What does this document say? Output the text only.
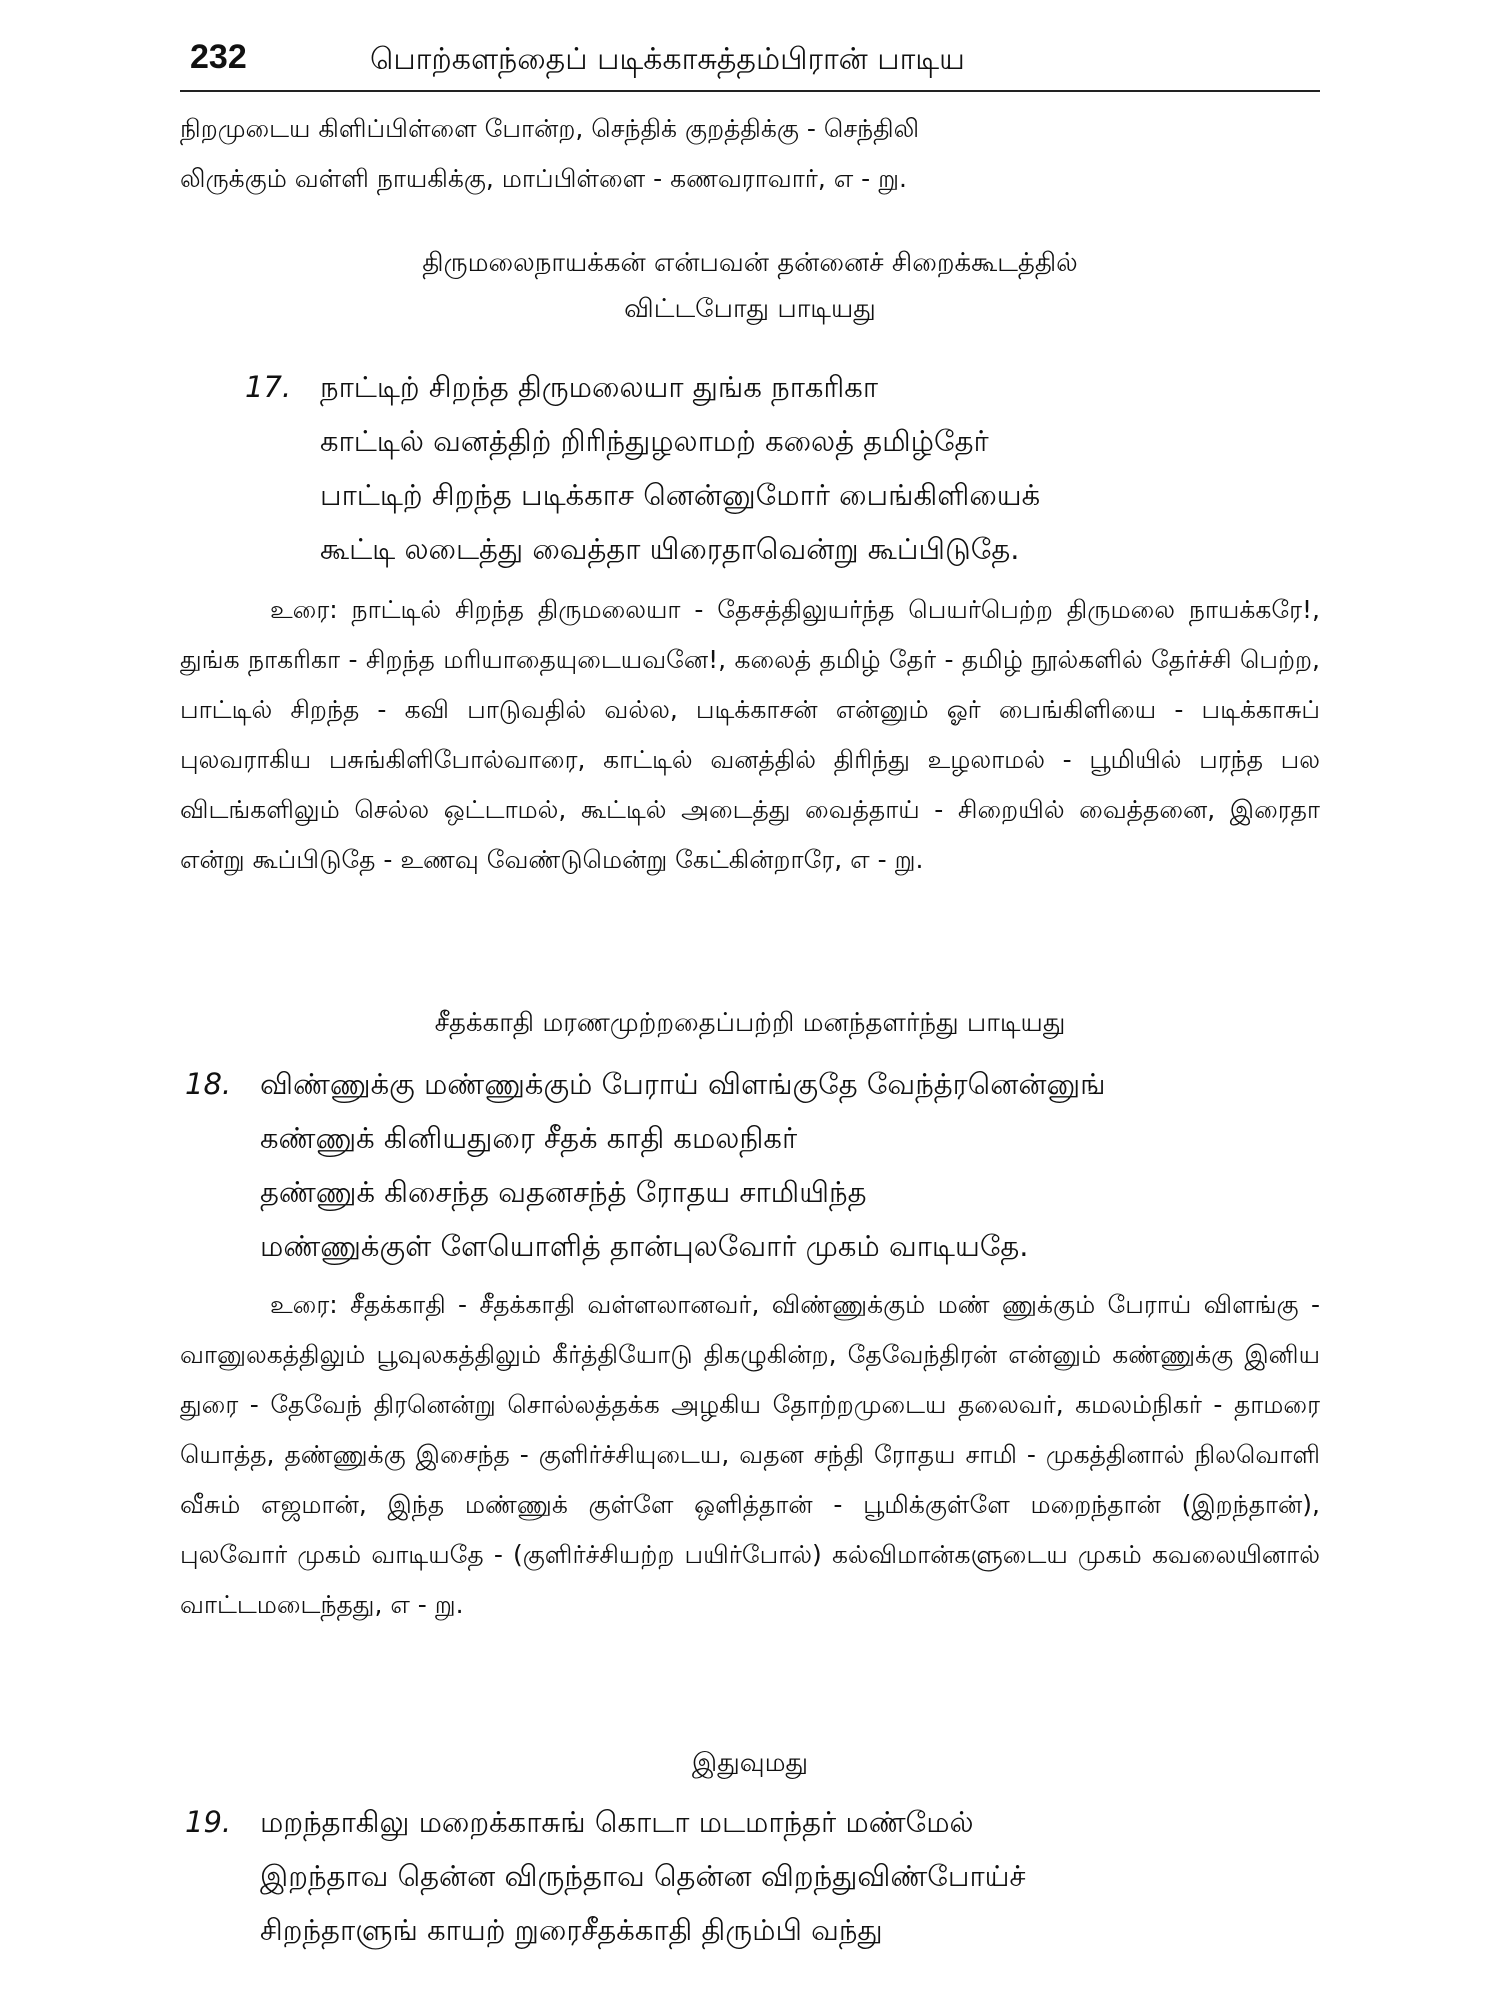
232	பொற்களந்தைப் படிக்காசுத்தம்பிரான் பாடிய

நிறமுடைய கிளிப்பிள்ளை போன்ற, செந்திக் குறத்திக்கு - செந்திலி

லிருக்கும் வள்ளி நாயகிக்கு, மாப்பிள்ளை - கணவராவார், எ - று.

திருமலைநாயக்கன் என்பவன் தன்னைச் சிறைக்கூடத்தில்
விட்டபோது பாடியது
17. நாட்டிற் சிறந்த திருமலையா துங்க நாகரிகா
காட்டில் வனத்திற் றிரிந்துழலாமற் கலைத் தமிழ்தேர்
பாட்டிற் சிறந்த படிக்காச னென்னுமோர் பைங்கிளியைக்
கூட்டி லடைத்து வைத்தா யிரைதாவென்று கூப்பிடுதே.

உரை: நாட்டில் சிறந்த திருமலையா - தேசத்திலுயர்ந்த பெயர்பெற்ற திருமலை நாயக்கரே!, துங்க நாகரிகா - சிறந்த மரியாதையுடையவனே!, கலைத் தமிழ் தேர் - தமிழ் நூல்களில் தேர்ச்சி பெற்ற, பாட்டில் சிறந்த - கவி பாடுவதில் வல்ல, படிக்காசன் என்னும் ஓர் பைங்கிளியை - படிக்காசுப் புலவராகிய பசுங்கிளிபோல்வாரை, காட்டில் வனத்தில் திரிந்து உழலாமல் - பூமியில் பரந்த பல விடங்களிலும் செல்ல ஒட்டாமல், கூட்டில் அடைத்து வைத்தாய் - சிறையில் வைத்தனை, இரைதா என்று கூப்பிடுதே - உணவு வேண்டுமென்று கேட்கின்றாரே, எ - று.

சீதக்காதி மரணமுற்றதைப்பற்றி மனந்தளர்ந்து பாடியது
18. விண்ணுக்கு மண்ணுக்கும் பேராய் விளங்குதே வேந்த்ரனென்னுங்
கண்ணுக் கினியதுரை சீதக் காதி கமலநிகர்
தண்ணுக் கிசைந்த வதனசந்த் ரோதய சாமியிந்த
மண்ணுக்குள் ளேயொளித் தான்புலவோர் முகம் வாடியதே.

உரை: சீதக்காதி - சீதக்காதி வள்ளலானவர், விண்ணுக்கும் மண் ணுக்கும் பேராய் விளங்கு - வானுலகத்திலும் பூவுலகத்திலும் கீர்த்தியோடு திகழுகின்ற, தேவேந்திரன் என்னும் கண்ணுக்கு இனிய துரை - தேவேந் திரனென்று சொல்லத்தக்க அழகிய தோற்றமுடைய தலைவர், கமலம்நிகர் - தாமரை யொத்த, தண்ணுக்கு இசைந்த - குளிர்ச்சியுடைய, வதன சந்தி ரோதய சாமி - முகத்தினால் நிலவொளி வீசும் எஜமான், இந்த மண்ணுக் குள்ளே ஒளித்தான் - பூமிக்குள்ளே மறைந்தான் (இறந்தான்), புலவோர் முகம் வாடியதே - (குளிர்ச்சியற்ற பயிர்போல்) கல்விமான்களுடைய முகம் கவலையினால் வாட்டமடைந்தது, எ - று.

இதுவுமது
19. மறந்தாகிலு மறைக்காசுங் கொடா மடமாந்தர் மண்மேல்
இறந்தாவ தென்ன விருந்தாவ தென்ன விறந்துவிண்போய்ச்
சிறந்தாளுங் காயற் றுரைசீதக்காதி திரும்பி வந்து
